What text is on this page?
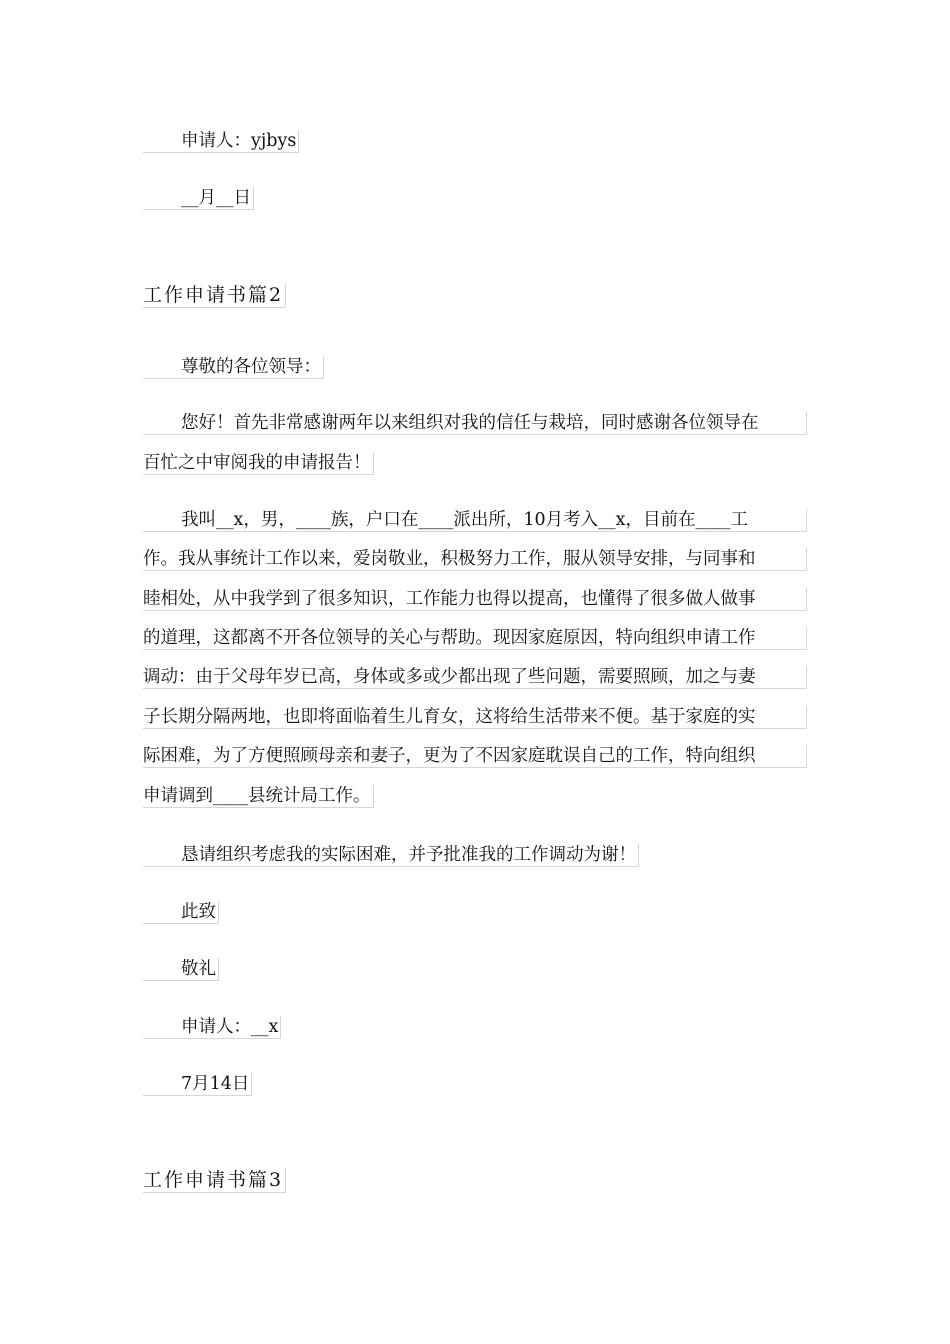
申请人：yjbys
__月__日
工作申请书篇2
尊敬的各位领导：
您好！首先非常感谢两年以来组织对我的信任与栽培，同时感谢各位领导在
百忙之中审阅我的申请报告！
我叫__x，男，____族，户口在____派出所，10月考入__x，目前在____工
作。我从事统计工作以来，爱岗敬业，积极努力工作，服从领导安排，与同事和
睦相处，从中我学到了很多知识，工作能力也得以提高，也懂得了很多做人做事
的道理，这都离不开各位领导的关心与帮助。现因家庭原因，特向组织申请工作
调动：由于父母年岁已高，身体或多或少都出现了些问题，需要照顾，加之与妻
子长期分隔两地，也即将面临着生儿育女，这将给生活带来不便。基于家庭的实
际困难，为了方便照顾母亲和妻子，更为了不因家庭耽误自己的工作，特向组织
申请调到____县统计局工作。
恳请组织考虑我的实际困难，并予批准我的工作调动为谢！
此致
敬礼
申请人：__x
7月14日
工作申请书篇3
